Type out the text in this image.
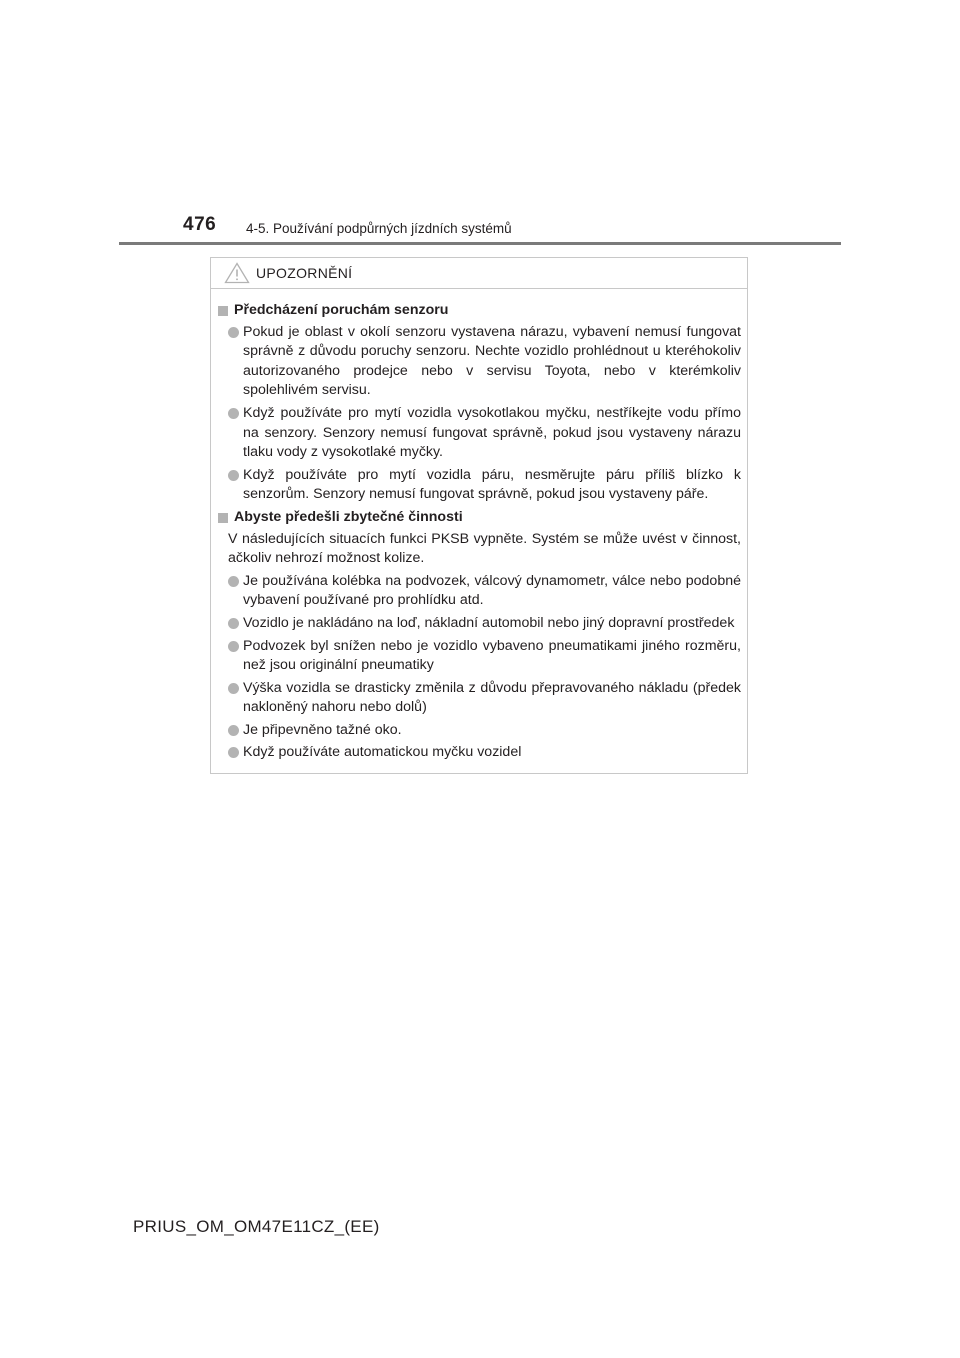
476 4-5. Používání podpůrných jízdních systémů
UPOZORNĚNÍ
Předcházení poruchám senzoru
Pokud je oblast v okolí senzoru vystavena nárazu, vybavení nemusí fungovat správně z důvodu poruchy senzoru. Nechte vozidlo prohlédnout u kteréhokoliv autorizovaného prodejce nebo v servisu Toyota, nebo v kterémkoliv spolehlivém servisu.
Když používáte pro mytí vozidla vysokotlakou myčku, nestříkejte vodu přímo na senzory. Senzory nemusí fungovat správně, pokud jsou vystaveny nárazu tlaku vody z vysokotlaké myčky.
Když používáte pro mytí vozidla páru, nesměrujte páru příliš blízko k senzorům. Senzory nemusí fungovat správně, pokud jsou vystaveny páře.
Abyste předešli zbytečné činnosti
V následujících situacích funkci PKSB vypněte. Systém se může uvést v činnost, ačkoliv nehrozí možnost kolize.
Je používána kolébka na podvozek, válcový dynamometr, válce nebo podobné vybavení používané pro prohlídku atd.
Vozidlo je nakládáno na loď, nákladní automobil nebo jiný dopravní prostředek
Podvozek byl snížen nebo je vozidlo vybaveno pneumatikami jiného rozměru, než jsou originální pneumatiky
Výška vozidla se drasticky změnila z důvodu přepravovaného nákladu (předek nakloněný nahoru nebo dolů)
Je připevněno tažné oko.
Když používáte automatickou myčku vozidel
PRIUS_OM_OM47E11CZ_(EE)
